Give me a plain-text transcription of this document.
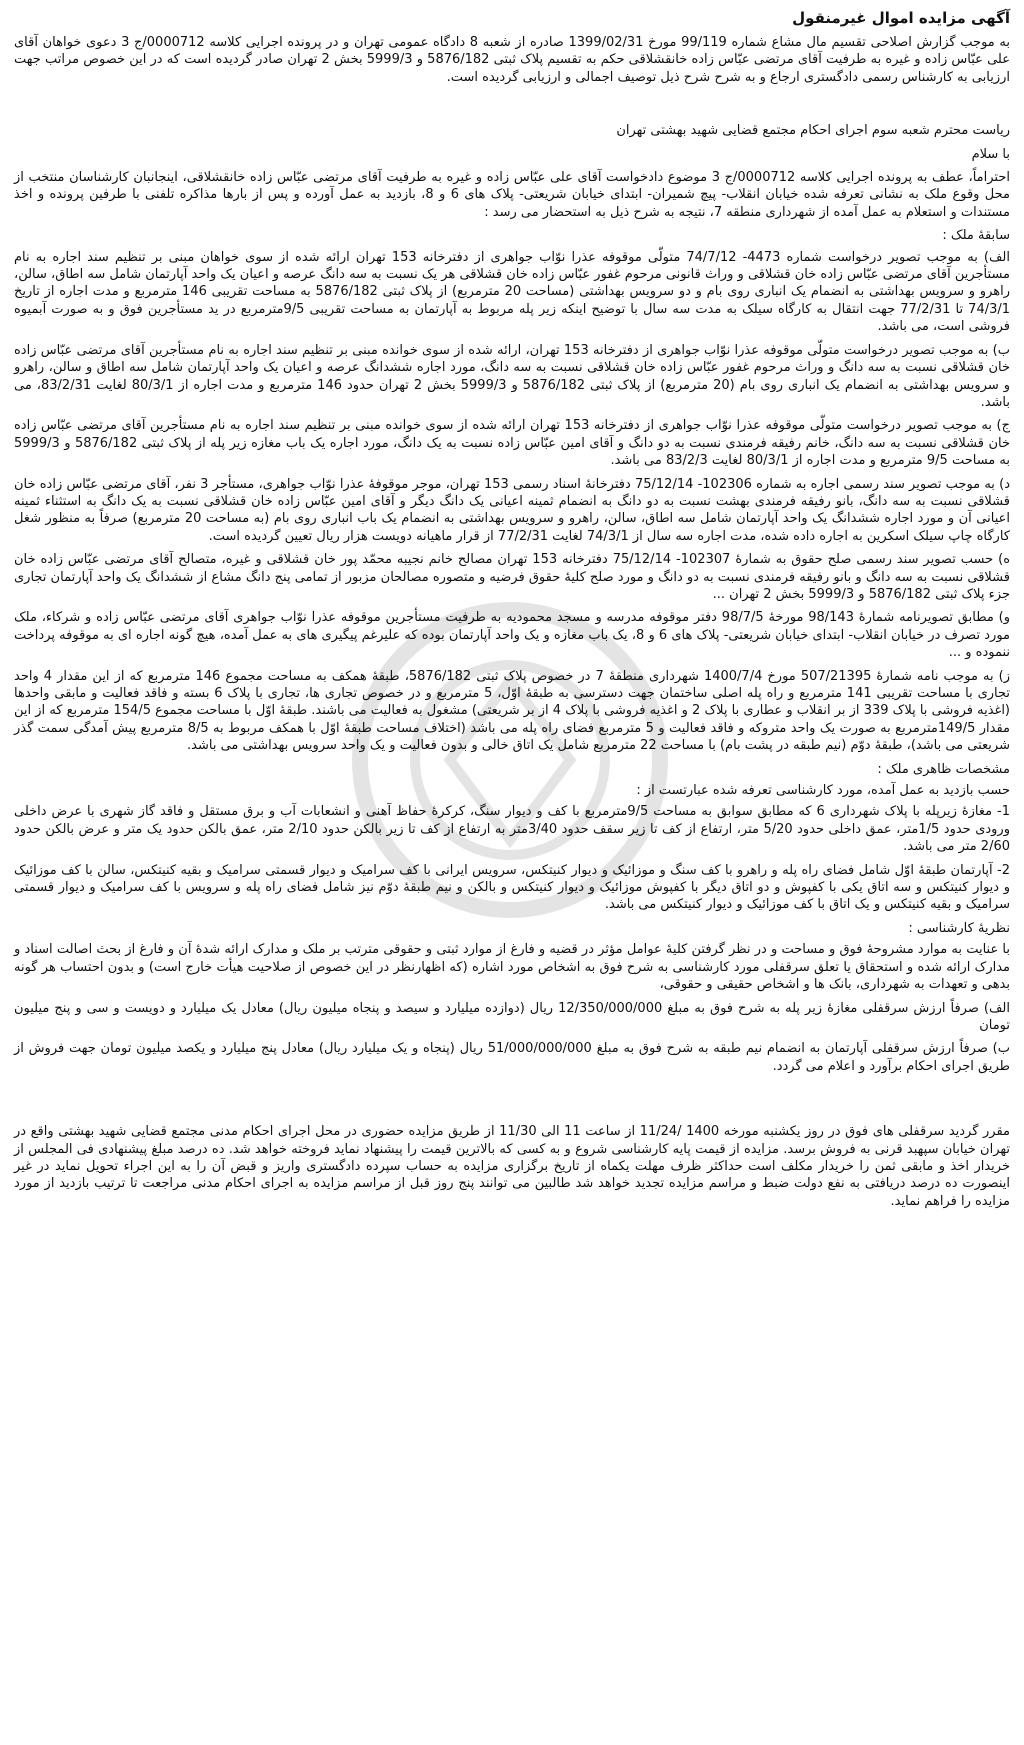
آگهی مزایده اموال غیرمنقول
به موجب گزارش اصلاحی تقسیم مال مشاع شماره 99/119 مورخ 1399/02/31 صادره از شعبه 8 دادگاه عمومی تهران و در پرونده اجرایی کلاسه 0000712/ج 3 دعوی خواهان آقای علی عبّاس زاده و غیره به طرفیت آقای مرتضی عبّاس زاده خانقشلاقی حکم به تقسیم پلاک ثبتی 5876/182 و 5999/3 بخش 2 تهران صادر گردیده است که در این خصوص مراتب جهت ارزیابی به کارشناس رسمی دادگستری ارجاع و به شرح شرح ذیل توصیف اجمالی و ارزیابی گردیده است.
ریاست محترم شعبه سوم اجرای احکام مجتمع قضایی شهید بهشتی تهران
با سلام
احتراماً، عطف به پرونده اجرایی کلاسه 0000712/ج 3 موضوع دادخواست آقای علی عبّاس زاده و غیره به طرفیت آقای مرتضی عبّاس زاده خانقشلاقی، اینجانبان کارشناسان منتخب از محل وقوع ملک به نشانی تعرفه شده خیابان انقلاب- پیچ شمیران- ابتدای خیابان شریعتی- پلاک های 6 و 8، بازدید به عمل آورده و پس از بارها مذاکره تلفنی با طرفین پرونده و اخذ مستندات و استعلام به عمل آمده از شهرداری منطقه 7، نتیجه به شرح ذیل به استحضار می رسد :
سابقهٔ ملک :
الف) به موجب تصویر درخواست شماره 4473- 74/7/12 متولّی موقوفه عذرا نوّاب جواهری از دفترخانه 153 تهران ارائه شده از سوی خواهان مبنی بر تنظیم سند اجاره به نام مستأجرین آقای مرتضی عبّاس زاده خان قشلاقی و وراث قانونی مرحوم غفور عبّاس زاده خان قشلاقی هر یک نسبت به سه دانگ عرصه و اعیان یک واحد آپارتمان شامل سه اطاق، سالن، راهرو و سرویس بهداشتی به انضمام یک انباری روی بام و دو سرویس بهداشتی (مساحت 20 مترمربع) از پلاک ثبتی 5876/182 به مساحت تقریبی 146 مترمربع و مدت اجاره از تاریخ 74/3/1 تا 77/2/31 جهت انتقال به کارگاه سیلک به مدت سه سال با توضیح اینکه زیر پله مربوط به آپارتمان به مساحت تقریبی 9/5مترمربع در ید مستأجرین فوق و به صورت آبمیوه فروشی است، می باشد.
ب) به موجب تصویر درخواست متولّی موقوفه عذرا نوّاب جواهری از دفترخانه 153 تهران، ارائه شده از سوی خوانده مبنی بر تنظیم سند اجاره به نام مستأجرین آقای مرتضی عبّاس زاده خان قشلاقی نسبت به سه دانگ و وراث مرحوم غفور عبّاس زاده خان قشلاقی نسبت به سه دانگ، مورد اجاره ششدانگ عرصه و اعیان یک واحد آپارتمان شامل سه اطاق و سالن، راهرو و سرویس بهداشتی به انضمام یک انباری روی بام (20 مترمربع) از پلاک ثبتی 5876/182 و 5999/3 بخش 2 تهران حدود 146 مترمربع و مدت اجاره از 80/3/1 لغایت 83/2/31، می باشد.
ج) به موجب تصویر درخواست متولّی موقوفه عذرا نوّاب جواهری از دفترخانه 153 تهران ارائه شده از سوی خوانده مبنی بر تنظیم سند اجاره به نام مستأجرین آقای مرتضی عبّاس زاده خان قشلاقی نسبت به سه دانگ، خانم رفیقه فرمندی نسبت به دو دانگ و آقای امین عبّاس زاده نسبت به یک دانگ، مورد اجاره یک باب مغازه زیر پله از پلاک ثبتی 5876/182 و 5999/3 به مساحت 9/5 مترمربع و مدت اجاره از 80/3/1 لغایت 83/2/3 می باشد.
د) به موجب تصویر سند رسمی اجاره به شماره 102306- 75/12/14 دفترخانهٔ اسناد رسمی 153 تهران، موجر موقوفهٔ عذرا نوّاب جواهری، مستأجر 3 نفر، آقای مرتضی عبّاس زاده خان قشلاقی نسبت به سه دانگ، بانو رفیقه فرمندی بهشت نسبت به دو دانگ به انضمام ثمینه اعیانی یک دانگ دیگر و آقای امین عبّاس زاده خان قشلاقی نسبت به یک دانگ به استثناء ثمینه اعیانی آن و مورد اجاره ششدانگ یک واحد آپارتمان شامل سه اطاق، سالن، راهرو و سرویس بهداشتی به انضمام یک باب انباری روی بام (به مساحت 20 مترمربع) صرفاً به منظور شغل کارگاه چاپ سیلک اسکرین به اجاره داده شده، مدت اجاره سه سال از 74/3/1 لغایت 77/2/31 از قرار ماهیانه دویست هزار ریال تعیین گردیده است.
ه) حسب تصویر سند رسمی صلح حقوق به شمارهٔ 102307- 75/12/14 دفترخانه 153 تهران مصالح خانم نجیبه محمّد پور خان قشلاقی و غیره، متصالح آقای مرتضی عبّاس زاده خان قشلاقی نسبت به سه دانگ و بانو رفیقه فرمندی نسبت به دو دانگ و مورد صلح کلیهٔ حقوق فرضیه و متصوره مصالحان مزبور از تمامی پنج دانگ مشاع از ششدانگ یک واحد آپارتمان تجاری جزء پلاک ثبتی 5876/182 و 5999/3 بخش 2 تهران ...
و) مطابق تصویرنامه شمارهٔ 98/143 مورخهٔ 98/7/5 دفتر موقوفه مدرسه و مسجد محمودیه به طرفیت مستأجرین موقوفه عذرا نوّاب جواهری آقای مرتضی عبّاس زاده و شرکاء، ملک مورد تصرف در خیابان انقلاب- ابتدای خیابان شریعتی- پلاک های 6 و 8، یک باب مغازه و یک واحد آپارتمان بوده که علیرغم پیگیری های به عمل آمده، هیچ گونه اجاره ای به موقوفه پرداخت ننموده و ...
ز) به موجب نامه شمارهٔ 507/21395 مورخ 1400/7/4 شهرداری منطقهٔ 7 در خصوص پلاک ثبتی 5876/182، طبقهٔ همکف به مساحت مجموع 146 مترمربع که از این مقدار 4 واحد تجاری با مساحت تقریبی 141 مترمربع و راه پله اصلی ساختمان جهت دسترسی به طبقهٔ اوّل، 5 مترمربع و در خصوص تجاری ها، تجاری با پلاک 6 بسته و فاقد فعالیت و مابقی واحدها (اغذیه فروشی با پلاک 339 از بر انقلاب و عطاری با پلاک 2 و اغذیه فروشی با پلاک 4 از بر شریعتی) مشغول به فعالیت می باشند. طبقهٔ اوّل با مساحت مجموع 154/5 مترمربع که از این مقدار 149/5مترمربع به صورت یک واحد متروکه و فاقد فعالیت و 5 مترمربع فضای راه پله می باشد (اختلاف مساحت طبقهٔ اوّل با همکف مربوط به 8/5 مترمربع پیش آمدگی سمت گذر شریعتی می باشد)، طبقهٔ دوّم (نیم طبقه در پشت بام) با مساحت 22 مترمربع شامل یک اتاق خالی و بدون فعالیت و یک واحد سرویس بهداشتی می باشد.
مشخصات ظاهری ملک :
حسب بازدید به عمل آمده، مورد کارشناسی تعرفه شده عبارتست از :
1- مغازهٔ زیرپله با پلاک شهرداری 6 که مطابق سوابق به مساحت 9/5مترمربع با کف و دیوار سنگ، کرکرهٔ حفاظ آهنی و انشعابات آب و برق مستقل و فاقد گاز شهری با عرض داخلی ورودی حدود 1/5متر، عمق داخلی حدود 5/20 متر، ارتفاع از کف تا زیر سقف حدود 3/40متر به ارتفاع از کف تا زیر بالکن حدود 2/10 متر، عمق بالکن حدود یک متر و عرض بالکن حدود 2/60 متر می باشد.
2- آپارتمان طبقهٔ اوّل شامل فضای راه پله و راهرو با کف سنگ و موزائیک و دیوار کنیتکس، سرویس ایرانی با کف سرامیک و دیوار قسمتی سرامیک و بقیه کنیتکس، سالن با کف موزائیک و دیوار کنیتکس و سه اتاق یکی با کفپوش و دو اتاق دیگر با کفپوش موزائیک و دیوار کنیتکس و بالکن و نیم طبقهٔ دوّم نیز شامل فضای راه پله و سرویس با کف سرامیک و دیوار قسمتی سرامیک و بقیه کنیتکس و یک اتاق با کف موزائیک و دیوار کنیتکس می باشد.
نظریهٔ کارشناسی :
با عنایت به موارد مشروحهٔ فوق و مساحت و در نظر گرفتن کلیهٔ عوامل مؤثر در قضیه و فارغ از موارد ثبتی و حقوقی مترتب بر ملک و مدارک ارائه شدهٔ آن و فارغ از بحث اصالت اسناد و مدارک ارائه شده و استحقاق یا تعلق سرقفلی مورد کارشناسی به شرح فوق به اشخاص مورد اشاره (که اظهارنظر در این خصوص از صلاحیت هیأت خارج است) و بدون احتساب هر گونه بدهی و تعهدات به شهرداری، بانک ها و اشخاص حقیقی و حقوقی،
الف) صرفاً ارزش سرقفلی مغازهٔ زیر پله به شرح فوق به مبلغ 12/350/000/000 ریال (دوازده میلیارد و سیصد و پنجاه میلیون ریال) معادل یک میلیارد و دویست و سی و پنج میلیون تومان
ب) صرفاً ارزش سرقفلی آپارتمان به انضمام نیم طبقه به شرح فوق به مبلغ 51/000/000/000 ریال (پنجاه و یک میلیارد ریال) معادل پنج میلیارد و یکصد میلیون تومان جهت فروش از طریق اجرای احکام برآورد و اعلام می گردد.
مقرر گردید سرقفلی های فوق در روز یکشنبه مورخه 1400 /11/24 از ساعت 11 الی 11/30 از طریق مزایده حضوری در محل اجرای احکام مدنی مجتمع قضایی شهید بهشتی واقع در تهران خیابان سپهبد قرنی به فروش برسد. مزایده از قیمت پایه کارشناسی شروع و به کسی که بالاترین قیمت را پیشنهاد نماید فروخته خواهد شد. ده درصد مبلغ پیشنهادی فی المجلس از خریدار اخذ و مابقی ثمن را خریدار مکلف است حداکثر ظرف مهلت یکماه از تاریخ برگزاری مزایده به حساب سپرده دادگستری واریز و قبض آن را به این اجراء تحویل نماید در غیر اینصورت ده درصد دریافتی به نفع دولت ضبط و مراسم مزایده تجدید خواهد شد طالبین می توانند پنج روز قبل از مراسم مزایده به اجرای احکام مدنی مراجعت تا ترتیب بازدید از مورد مزایده را فراهم نماید.
